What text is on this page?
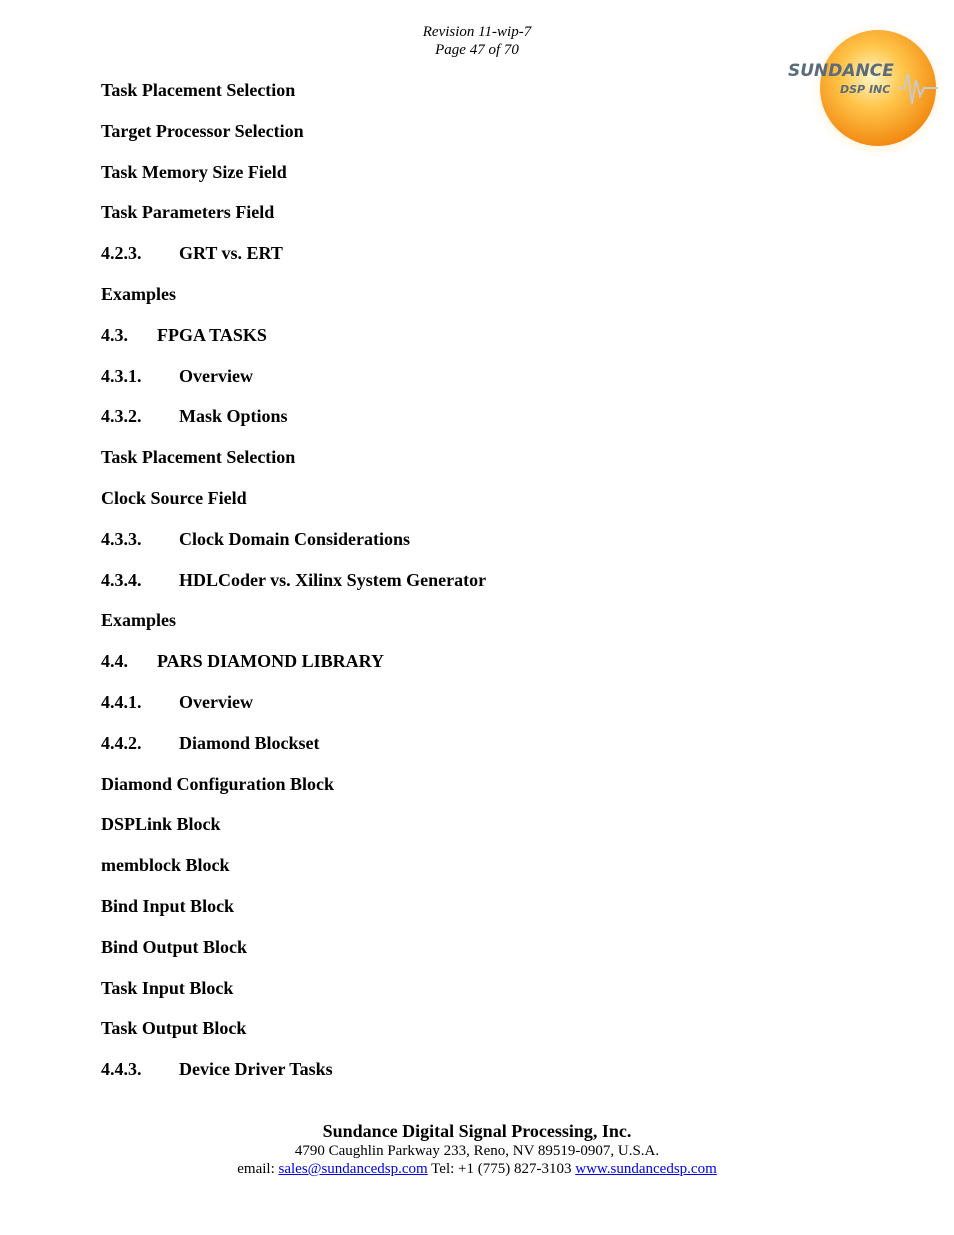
Revision 11-wip-7
Page 47 of 70
SUNDANCE
DSP INC
Task Placement Selection
Target Processor Selection
Task Memory Size Field
Task Parameters Field
4.2.3.	GRT vs. ERT
Examples
4.3.	FPGA TASKS
4.3.1.	Overview
4.3.2.	Mask Options
Task Placement Selection
Clock Source Field
4.3.3.	Clock Domain Considerations
4.3.4.	HDLCoder vs. Xilinx System Generator
Examples
4.4.	PARS DIAMOND LIBRARY
4.4.1.	Overview
4.4.2.	Diamond Blockset
Diamond Configuration Block
DSPLink Block
memblock Block
Bind Input Block
Bind Output Block
Task Input Block
Task Output Block
4.4.3.	Device Driver Tasks
Sundance Digital Signal Processing, Inc.
4790 Caughlin Parkway 233, Reno, NV 89519-0907, U.S.A.
email: sales@sundancedsp.com Tel: +1 (775) 827-3103 www.sundancedsp.com
